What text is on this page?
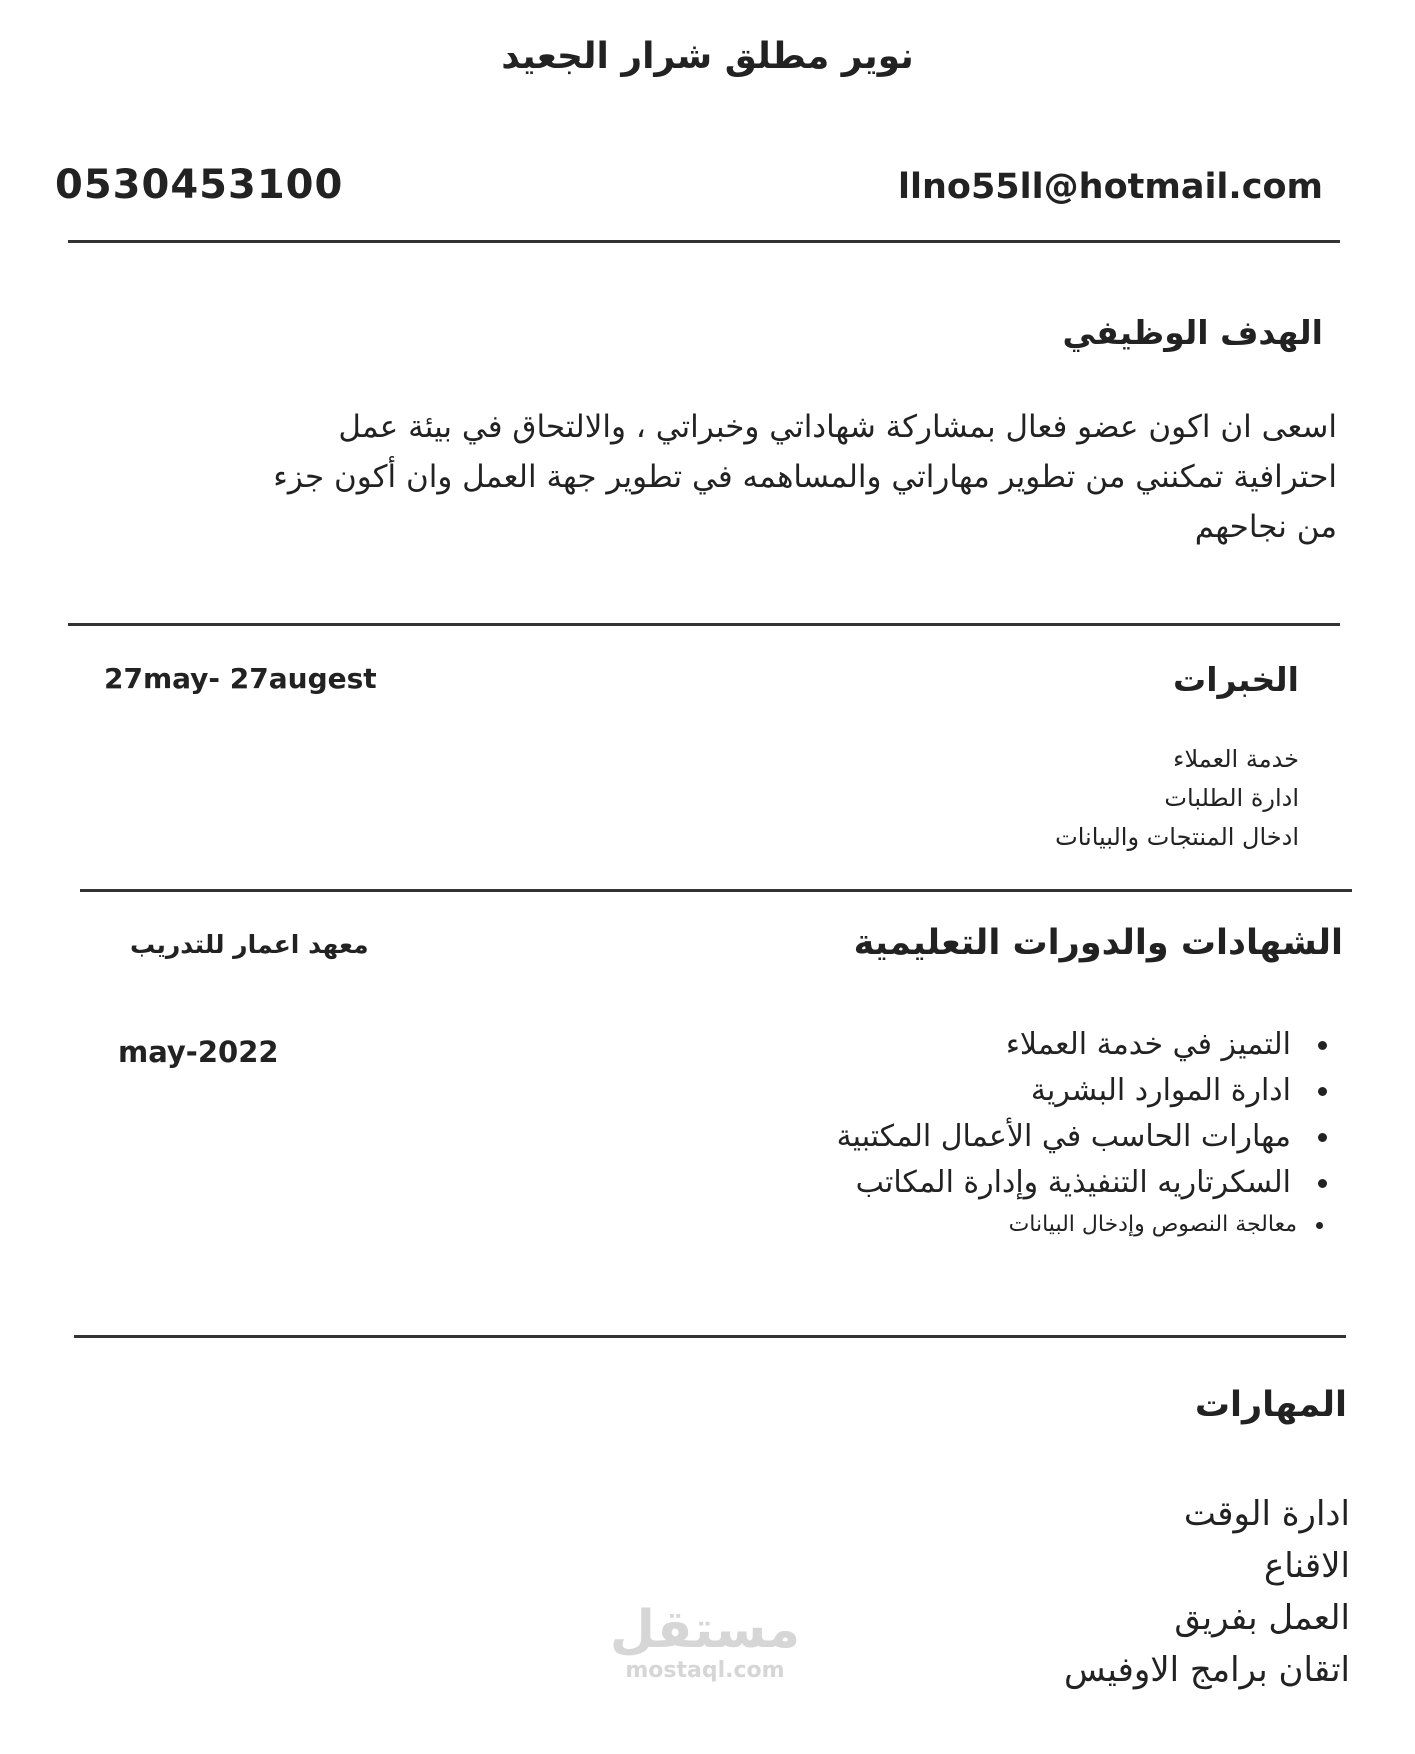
نوير مطلق شرار الجعيد
0530453100	llno55ll@hotmail.com
الهدف الوظيفي
اسعى ان اكون عضو فعال بمشاركة شهاداتي وخبراتي ، والالتحاق في بيئة عمل احترافية تمكنني من تطوير مهاراتي والمساهمه في تطوير جهة العمل وان أكون جزء من نجاحهم
الخبرات
27may- 27augest
خدمة العملاء
ادارة الطلبات
ادخال المنتجات والبيانات
الشهادات والدورات التعليمية
معهد اعمار للتدريب
may-2022	التميز في خدمة العملاء
ادارة الموارد البشرية
مهارات الحاسب في الأعمال المكتبية
السكرتاريه التنفيذية وإدارة المكاتب
معالجة النصوص وإدخال البيانات
المهارات
ادارة الوقت
الاقناع
العمل بفريق
اتقان برامج الاوفيس
مستقل
mostaql.com
